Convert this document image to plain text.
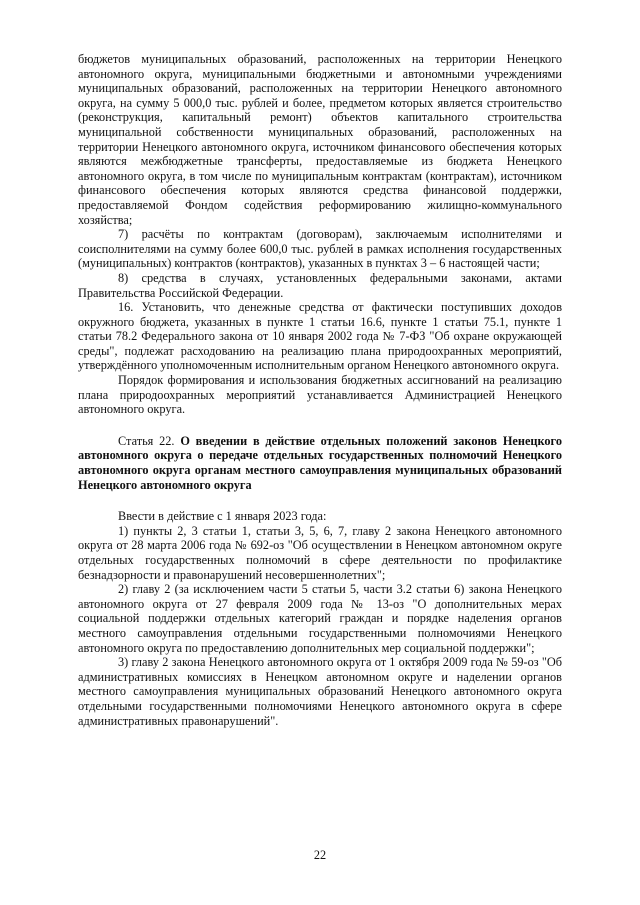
бюджетов муниципальных образований, расположенных на территории Ненецкого автономного округа, муниципальными бюджетными и автономными учреждениями муниципальных образований, расположенных на территории Ненецкого автономного округа, на сумму 5 000,0 тыс. рублей и более, предметом которых является строительство (реконструкция, капитальный ремонт) объектов капитального строительства муниципальной собственности муниципальных образований, расположенных на территории Ненецкого автономного округа, источником финансового обеспечения которых являются межбюджетные трансферты, предоставляемые из бюджета Ненецкого автономного округа, в том числе по муниципальным контрактам (контрактам), источником финансового обеспечения которых являются средства финансовой поддержки, предоставляемой Фондом содействия реформированию жилищно-коммунального хозяйства;

7) расчёты по контрактам (договорам), заключаемым исполнителями и соисполнителями на сумму более 600,0 тыс. рублей в рамках исполнения государственных (муниципальных) контрактов (контрактов), указанных в пунктах 3 – 6 настоящей части;

8) средства в случаях, установленных федеральными законами, актами Правительства Российской Федерации.

16. Установить, что денежные средства от фактически поступивших доходов окружного бюджета, указанных в пункте 1 статьи 16.6, пункте 1 статьи 75.1, пункте 1 статьи 78.2 Федерального закона от 10 января 2002 года № 7-ФЗ "Об охране окружающей среды", подлежат расходованию на реализацию плана природоохранных мероприятий, утверждённого уполномоченным исполнительным органом Ненецкого автономного округа.

Порядок формирования и использования бюджетных ассигнований на реализацию плана природоохранных мероприятий устанавливается Администрацией Ненецкого автономного округа.

Статья 22. О введении в действие отдельных положений законов Ненецкого автономного округа о передаче отдельных государственных полномочий Ненецкого автономного округа органам местного самоуправления муниципальных образований Ненецкого автономного округа

Ввести в действие с 1 января 2023 года:

1) пункты 2, 3 статьи 1, статьи 3, 5, 6, 7, главу 2 закона Ненецкого автономного округа от 28 марта 2006 года № 692-оз "Об осуществлении в Ненецком автономном округе отдельных государственных полномочий в сфере деятельности по профилактике безнадзорности и правонарушений несовершеннолетних";

2) главу 2 (за исключением части 5 статьи 5, части 3.2 статьи 6) закона Ненецкого автономного округа от 27 февраля 2009 года № 13-оз "О дополнительных мерах социальной поддержки отдельных категорий граждан и порядке наделения органов местного самоуправления отдельными государственными полномочиями Ненецкого автономного округа по предоставлению дополнительных мер социальной поддержки";

3) главу 2 закона Ненецкого автономного округа от 1 октября 2009 года № 59-оз "Об административных комиссиях в Ненецком автономном округе и наделении органов местного самоуправления муниципальных образований Ненецкого автономного округа отдельными государственными полномочиями Ненецкого автономного округа в сфере административных правонарушений".

22
